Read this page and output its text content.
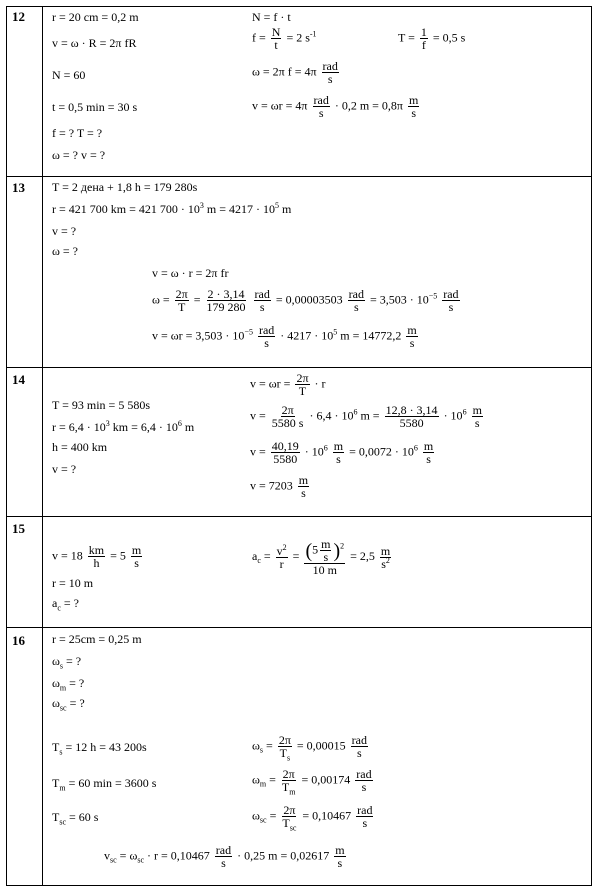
12 r = 20 cm = 0,2 m
v = ω · R = 2π fR
N = 60
t = 0,5 min = 30 s
f = ? T = ?
ω = ? v = ?
N = f · t
$f = \frac{N}{t} = 2$ $s^{-1}$	$T = \frac{1}{f} = 0,5$ s
ω = 2π f = 4π rad
s
v = ωr = 4π rad
s
· 0,2 $m = 0,8\pi \frac{m}{s}$
13 T = 2 дена + 1,8 h = 179 280s
r = 421 700 km = 421 $700 \cdot 10^3$ $m = 4217 \cdot 10^5$ m
v = ?
ω = ?
v = ω · r = 2π fr
$\omega = \frac{2\pi}{T} = \frac{2 \cdot 3,14}{179 280}$
rad
s
= 0,00003503 rad
s
= $3,503 \cdot 10^{-5}$ rad
s
$v = \omega r = 3,503 \cdot 10^{-5}$ rad
s
· $4217 \cdot 10^5$ $m = 14772,2 \frac{m}{s}$
14
T = 93 min = 5 580s
$r = 6,4 \cdot 10^3$ km = $6,4 \cdot 10^6$ m
h = 400 km
v = ?
$v = \omega r = \frac{2\pi}{T} \cdot r$
$v = \frac{2\pi}{5580 s} \cdot 6,4 \cdot 10^6$ $m = \frac{12,8 \cdot 3,14}{5580} \cdot 10^6 \frac{m}{s}$
$v = \frac{40,19}{5580} \cdot 10^6 \frac{m}{s} = 0,0072 \cdot 10^6 \frac{m}{s}$
$v = 7203 \frac{m}{s}$
15
$v = 18 \frac{km}{h} = 5 \frac{m}{s}$
r = 10 m
$a_c$ = ?
$a_c = \frac{v^2}{r} = \frac{(5 \frac{m}{s} )^2}{10 m} = 2,5 \frac{m}{s^2}$
16 r = 25cm = 0,25 m
$\omega_s$ = ?
$\omega_m$ = ?
$\omega_{sc}$ = ?
$T_s = 12$ h = 43 200s
$T_m = 60$ min = 3600 s
$T_{sc} = 60$ s
$\omega_s = \frac{2\pi}{T_s} = 0,00015$ rad
s
$\omega_m = \frac{2\pi}{T_m} = 0,00174$ rad
s
$\omega_{sc} = 2\pi$
$T_{sc}$
= 0,10467 rad
s
$v_{sc} = \omega_{sc} \cdot r = 0,10467$ rad
s
· 0,25 $m = 0,02617 \frac{m}{s}$
